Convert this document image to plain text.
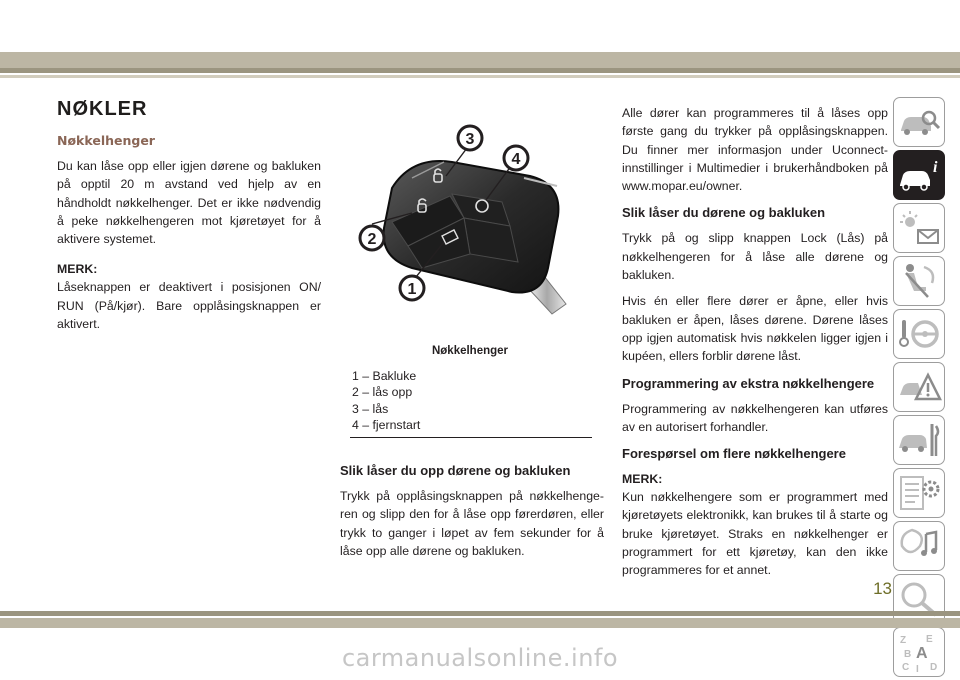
NØKLER
Nøkkelhenger

Du kan låse opp eller igjen dørene og bakluken på opptil 20 m avstand ved hjelp av en håndholdt nøkkelhenger. Det er ikke nødvendig å peke nøkkelhengeren mot kjøretøyet for å aktivere systemet.

MERK:

Låseknappen er deaktivert i posisjonen ON/ RUN (På/kjør). Bare opplåsingsknappen er aktivert.

2
1
3
4
Nøkkelhenger
1 – Bakluke
2 – lås opp
3 – lås
4 – fjernstart
Slik låser du opp dørene og bakluken

Trykk på opplåsingsknappen på nøkkelhengeren og slipp den for å låse opp førerdøren, eller trykk to ganger i løpet av fem sekunder for å låse opp alle dørene og bakluken.

Alle dører kan programmeres til å låses opp første gang du trykker på opplåsingsknappen. Du finner mer informasjon under Uconnect-innstillinger i Multimedier i brukerhåndboken på www.mopar.eu/owner.

Slik låser du dørene og bakluken

Trykk på og slipp knappen Lock (Lås) på nøkkelhengeren for å låse alle dørene og bakluken.

Hvis én eller flere dører er åpne, eller hvis bakluken er åpen, låses dørene. Dørene låses opp igjen automatisk hvis nøkkelen ligger igjen i kupéen, ellers forblir dørene låst.

Programmering av ekstra nøkkelhengere

Programmering av nøkkelhengeren kan utføres av en autorisert forhandler.

Forespørsel om flere nøkkelhengere
MERK:

Kun nøkkelhengere som er programmert med kjøretøyets elektronikk, kan brukes til å starte og bruke kjøretøyet. Straks en nøkkelhenger er programmert for ett kjøretøy, kan den ikke programmeres for et annet.

i
Z
B
E
A
C D
I
13
carmanualsonline.info
